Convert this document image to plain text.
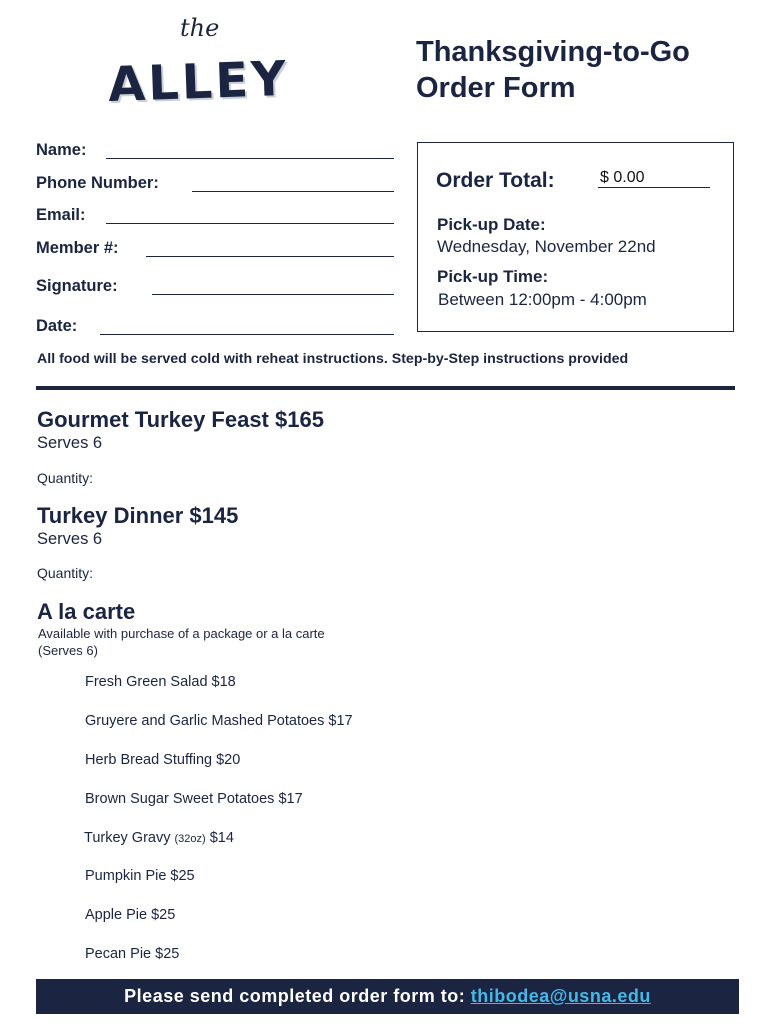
the
ALLEY	Thanksgiving-to-Go
Order Form
Name:
Phone Number:
Email:
Member #:
Signature:
Date:
Order Total:	$ 0.00
Pick-up Date:
Wednesday, November 22nd
Pick-up Time:
Between 12:00pm - 4:00pm
All food will be served cold with reheat instructions. Step-by-Step instructions provided
Gourmet Turkey Feast $165
Serves 6
Quantity:
Turkey Dinner $145
Serves 6
Quantity:
A la carte
Available with purchase of a package or a la carte
(Serves 6)
Fresh Green Salad $18
Gruyere and Garlic Mashed Potatoes $17
Herb Bread Stuffing $20
Brown Sugar Sweet Potatoes $17
Turkey Gravy (32oz) $14
Pumpkin Pie $25
Apple Pie $25
Pecan Pie $25
Please send completed order form to: thibodea@usna.edu
